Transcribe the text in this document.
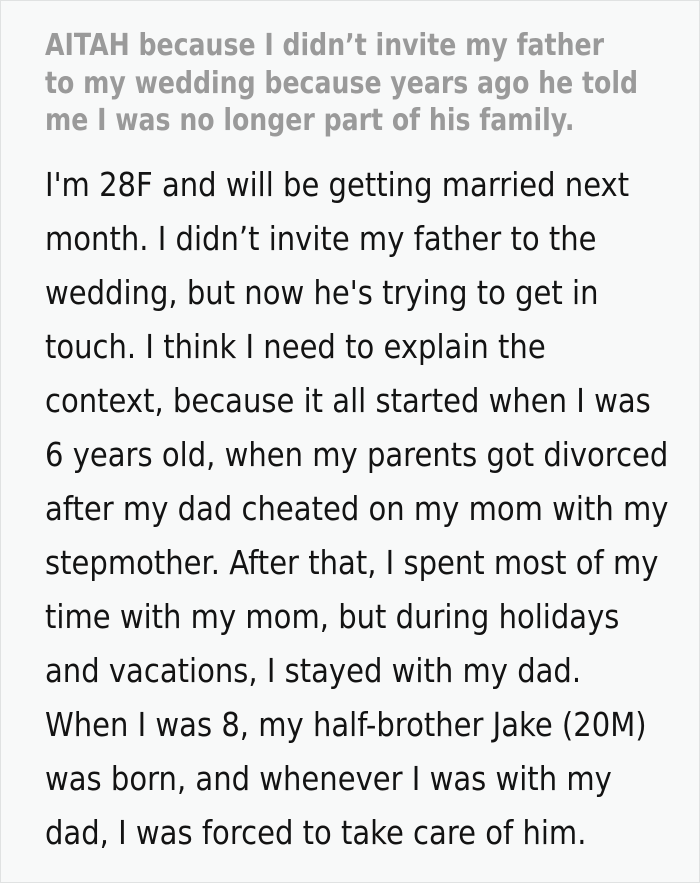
AITAH because I didn’t invite my father
to my wedding because years ago he told
me I was no longer part of his family.
I'm 28F and will be getting married next
month. I didn’t invite my father to the
wedding, but now he's trying to get in
touch. I think I need to explain the
context, because it all started when I was
6 years old, when my parents got divorced
after my dad cheated on my mom with my
stepmother. After that, I spent most of my
time with my mom, but during holidays
and vacations, I stayed with my dad.
When I was 8, my half-brother Jake (20M)
was born, and whenever I was with my
dad, I was forced to take care of him.
